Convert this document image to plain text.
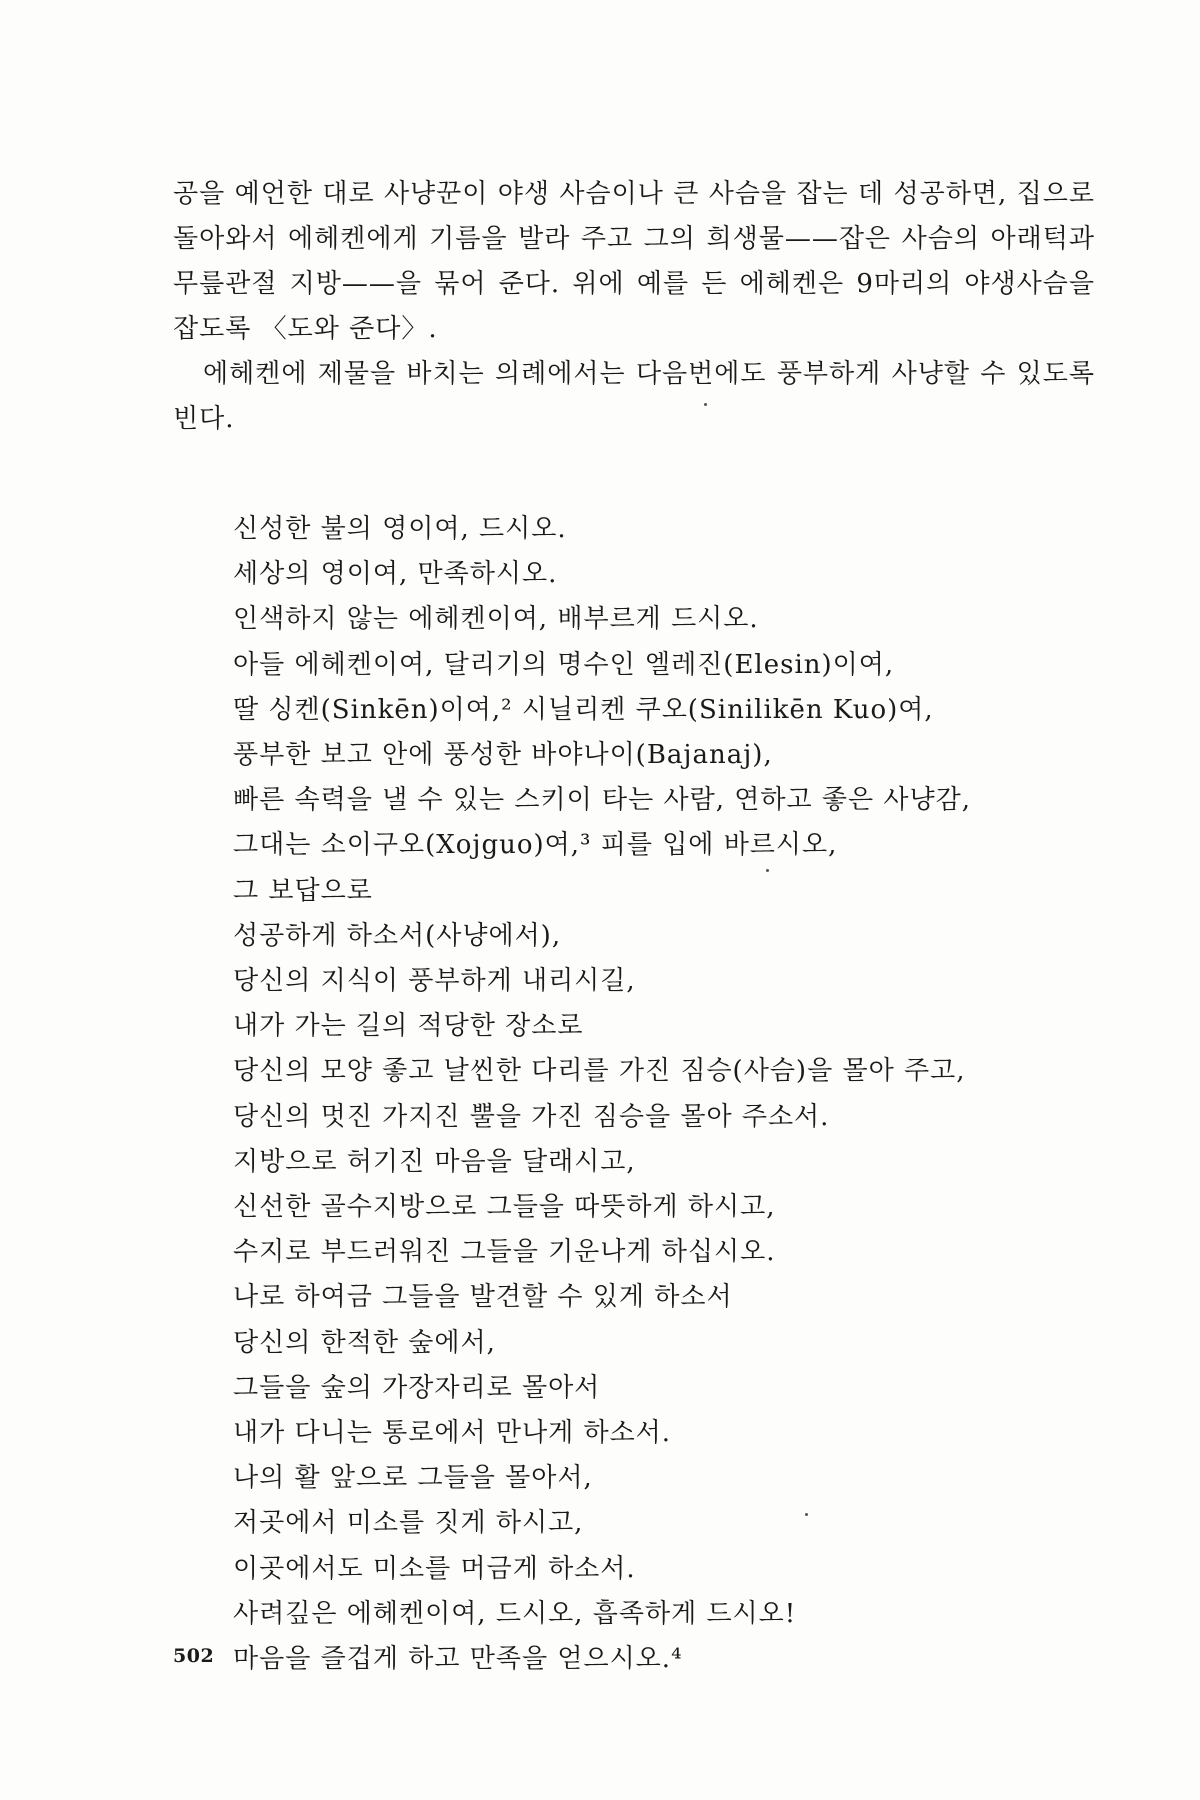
공을 예언한 대로 사냥꾼이 야생 사슴이나 큰 사슴을 잡는 데 성공하면, 집으로 돌아와서 에헤켄에게 기름을 발라 주고 그의 희생물——잡은 사슴의 아래턱과 무릎관절 지방——을 묶어 준다. 위에 예를 든 에헤켄은 9마리의 야생사슴을 잡도록 〈도와 준다〉.

에헤켄에 제물을 바치는 의례에서는 다음번에도 풍부하게 사냥할 수 있도록 빈다.

신성한 불의 영이여, 드시오.
세상의 영이여, 만족하시오.
인색하지 않는 에헤켄이여, 배부르게 드시오.
아들 에헤켄이여, 달리기의 명수인 엘레진(Elesin)이여,
딸 싱켄(Sinkēn)이여,² 시닐리켄 쿠오(Sinilikēn Kuo)여,
풍부한 보고 안에 풍성한 바야나이(Bajanaj),
빠른 속력을 낼 수 있는 스키이 타는 사람, 연하고 좋은 사냥감,
그대는 소이구오(Xojguo)여,³ 피를 입에 바르시오,
그 보답으로
성공하게 하소서(사냥에서),
당신의 지식이 풍부하게 내리시길,
내가 가는 길의 적당한 장소로
당신의 모양 좋고 날씬한 다리를 가진 짐승(사슴)을 몰아 주고,
당신의 멋진 가지진 뿔을 가진 짐승을 몰아 주소서.
지방으로 허기진 마음을 달래시고,
신선한 골수지방으로 그들을 따뜻하게 하시고,
수지로 부드러워진 그들을 기운나게 하십시오.
나로 하여금 그들을 발견할 수 있게 하소서
당신의 한적한 숲에서,
그들을 숲의 가장자리로 몰아서
내가 다니는 통로에서 만나게 하소서.
나의 활 앞으로 그들을 몰아서,
저곳에서 미소를 짓게 하시고,
이곳에서도 미소를 머금게 하소서.
사려깊은 에헤켄이여, 드시오, 흡족하게 드시오!
마음을 즐겁게 하고 만족을 얻으시오.⁴
502
